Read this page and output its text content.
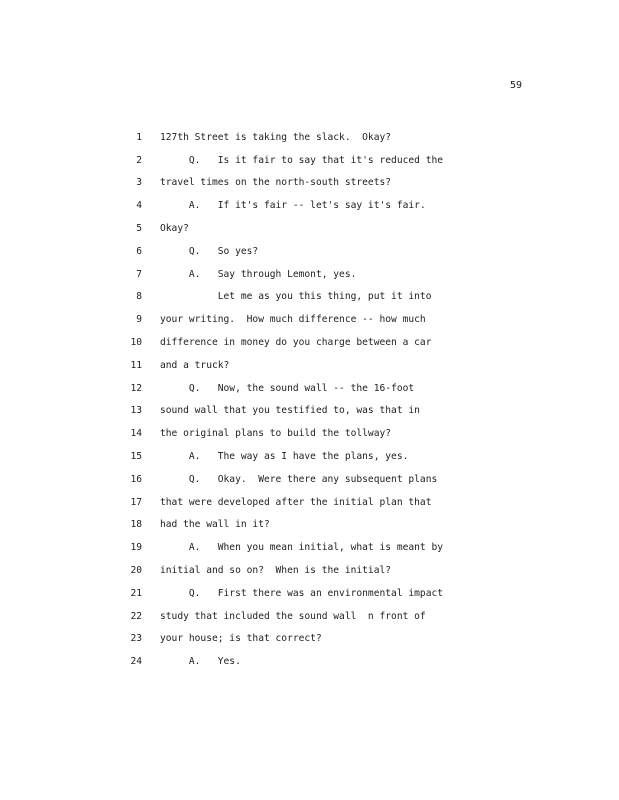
59
1 127th Street is taking the slack.  Okay?
2 Q.   Is it fair to say that it's reduced the
3 travel times on the north-south streets?
4 A.   If it's fair -- let's say it's fair.
5 Okay?
6 Q.   So yes?
7 A.   Say through Lemont, yes.
8 Let me as you this thing, put it into
9 your writing.  How much difference -- how much
10 difference in money do you charge between a car
11 and a truck?
12 Q.   Now, the sound wall -- the 16-foot
13 sound wall that you testified to, was that in
14 the original plans to build the tollway?
15 A.   The way as I have the plans, yes.
16 Q.   Okay.  Were there any subsequent plans
17 that were developed after the initial plan that
18 had the wall in it?
19 A.   When you mean initial, what is meant by
20 initial and so on?  When is the initial?
21 Q.   First there was an environmental impact
22 study that included the sound wall  n front of
23 your house; is that correct?
24 A.   Yes.
